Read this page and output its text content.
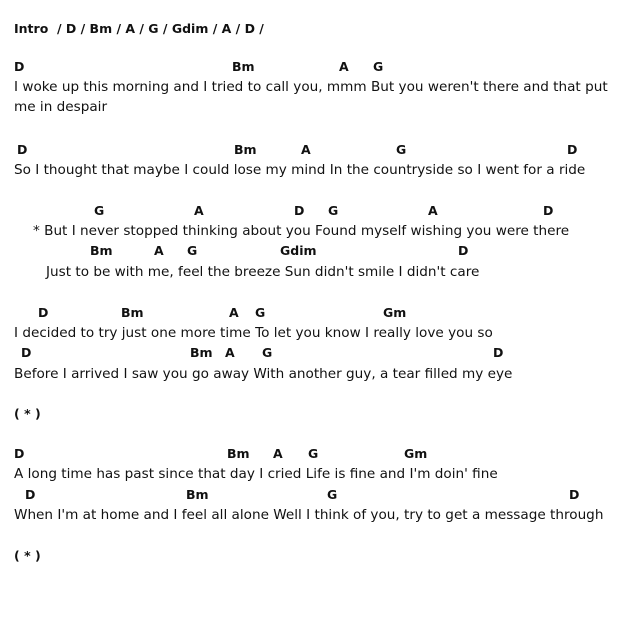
Intro  / D / Bm / A / G / Gdim / A / D /
D	Bm	A G
I woke up this morning and I tried to call you, mmm But you weren't there and that put
me in despair
D	Bm	A	G	D
So I thought that maybe I could lose my mind In the countryside so I went for a ride
G	A	D G	A	D
* But I never stopped thinking about you Found myself wishing you were there
Bm	A G	Gdim	D
Just to be with me, feel the breeze Sun didn't smile I didn't care
D	Bm	A G	Gm
I decided to try just one more time To let you know I really love you so
D	Bm A G	D
Before I arrived I saw you go away With another guy, a tear filled my eye
( * )
D	Bm A G	Gm
A long time has past since that day I cried Life is fine and I'm doin' fine
D	Bm	G	D
When I'm at home and I feel all alone Well I think of you, try to get a message through
( * )
